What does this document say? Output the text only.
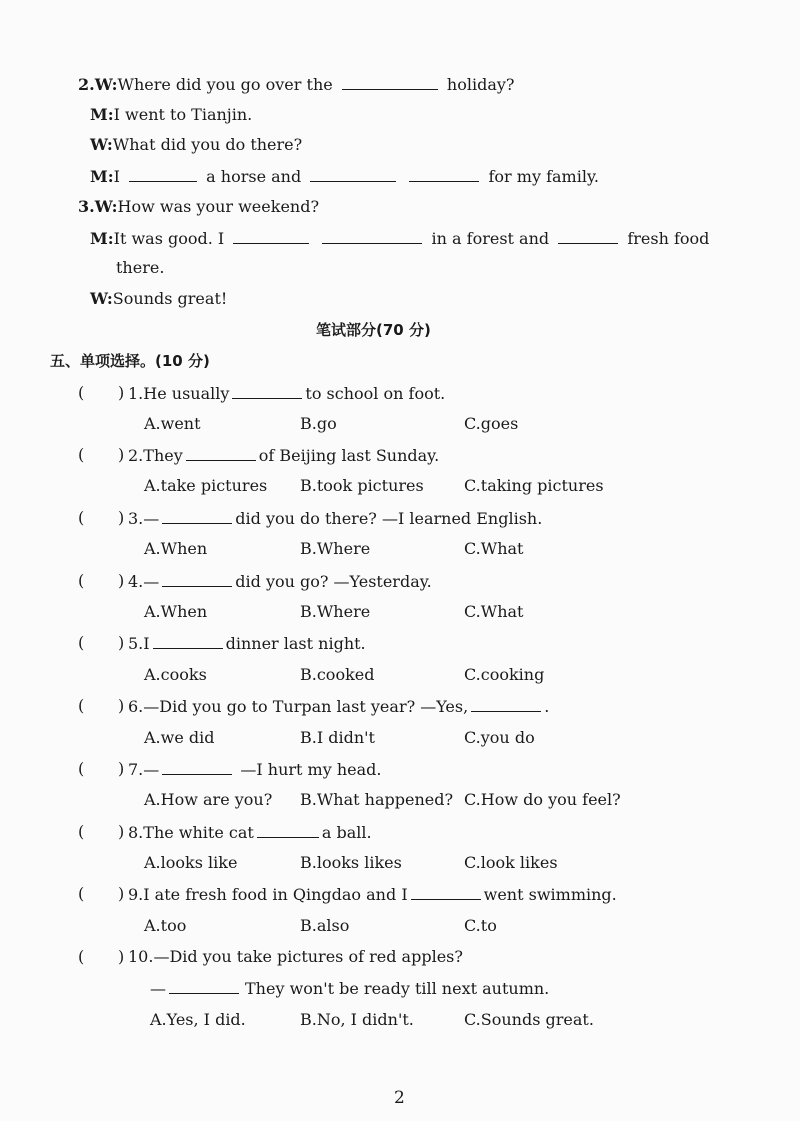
2.W:Where did you go over the	holiday?
M:I went to Tianjin.
W:What did you do there?
M:I	a horse and	for my family.
3.W:How was your weekend?
M:It was good. I	in a forest and	fresh food
there.
W:Sounds great!
笔试部分(70 分)
五、单项选择。(10 分)
( ) 1.He usually	to school on foot.
A.went	B.go	C.goes
( ) 2.They	of Beijing last Sunday.
A.take pictures B.took pictures	C.taking pictures
( ) 3.—	did you do there? —I learned English.
A.When	B.Where	C.What
( ) 4.—	did you go? —Yesterday.
A.When	B.Where	C.What
( ) 5.I	dinner last night.
A.cooks	B.cooked	C.cooking
( ) 6.—Did you go to Turpan last year? —Yes,	.
A.we did	B.I didn't	C.you do
( ) 7.—	—I hurt my head.
A.How are you? B.What happened? C.How do you feel?
( ) 8.The white cat	a ball.
A.looks like	B.looks likes	C.look likes
( ) 9.I ate fresh food in Qingdao and I	went swimming.
A.too	B.also	C.to
( ) 10.—Did you take pictures of red apples?
—	They won't be ready till next autumn.
A.Yes, I did.	B.No, I didn't.	C.Sounds great.
2
